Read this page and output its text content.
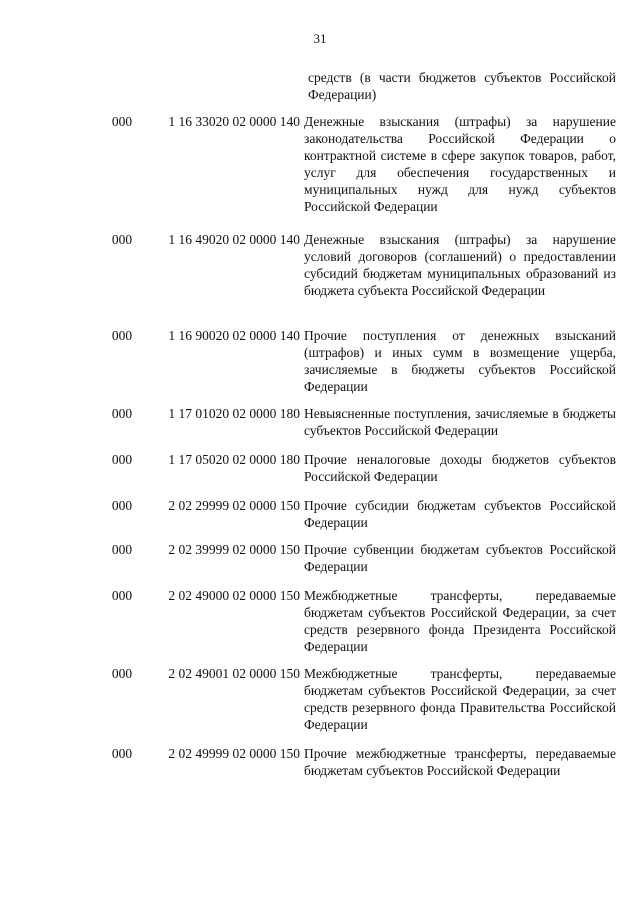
31
средств (в части бюджетов субъектов Российской Федерации)
000	1 16 33020 02 0000 140 Денежные взыскания (штрафы) за нарушение законодательства Российской Федерации о контрактной системе в сфере закупок товаров, работ, услуг для обеспечения государственных и муниципальных нужд для нужд субъектов Российской Федерации
000	1 16 49020 02 0000 140 Денежные взыскания (штрафы) за нарушение условий договоров (соглашений) о предоставлении субсидий бюджетам муниципальных образований из бюджета субъекта Российской Федерации
000	1 16 90020 02 0000 140 Прочие поступления от денежных взысканий (штрафов) и иных сумм в возмещение ущерба, зачисляемые в бюджеты субъектов Российской Федерации
000	1 17 01020 02 0000 180 Невыясненные поступления, зачисляемые в бюджеты субъектов Российской Федерации
000	1 17 05020 02 0000 180 Прочие неналоговые доходы бюджетов субъектов Российской Федерации
000	2 02 29999 02 0000 150 Прочие субсидии бюджетам субъектов Российской Федерации
000	2 02 39999 02 0000 150 Прочие субвенции бюджетам субъектов Российской Федерации
000	2 02 49000 02 0000 150 Межбюджетные трансферты, передаваемые бюджетам субъектов Российской Федерации, за счет средств резервного фонда Президента Российской Федерации
000	2 02 49001 02 0000 150 Межбюджетные трансферты, передаваемые бюджетам субъектов Российской Федерации, за счет средств резервного фонда Правительства Российской Федерации
000	2 02 49999 02 0000 150 Прочие межбюджетные трансферты, передаваемые бюджетам субъектов Российской Федерации
